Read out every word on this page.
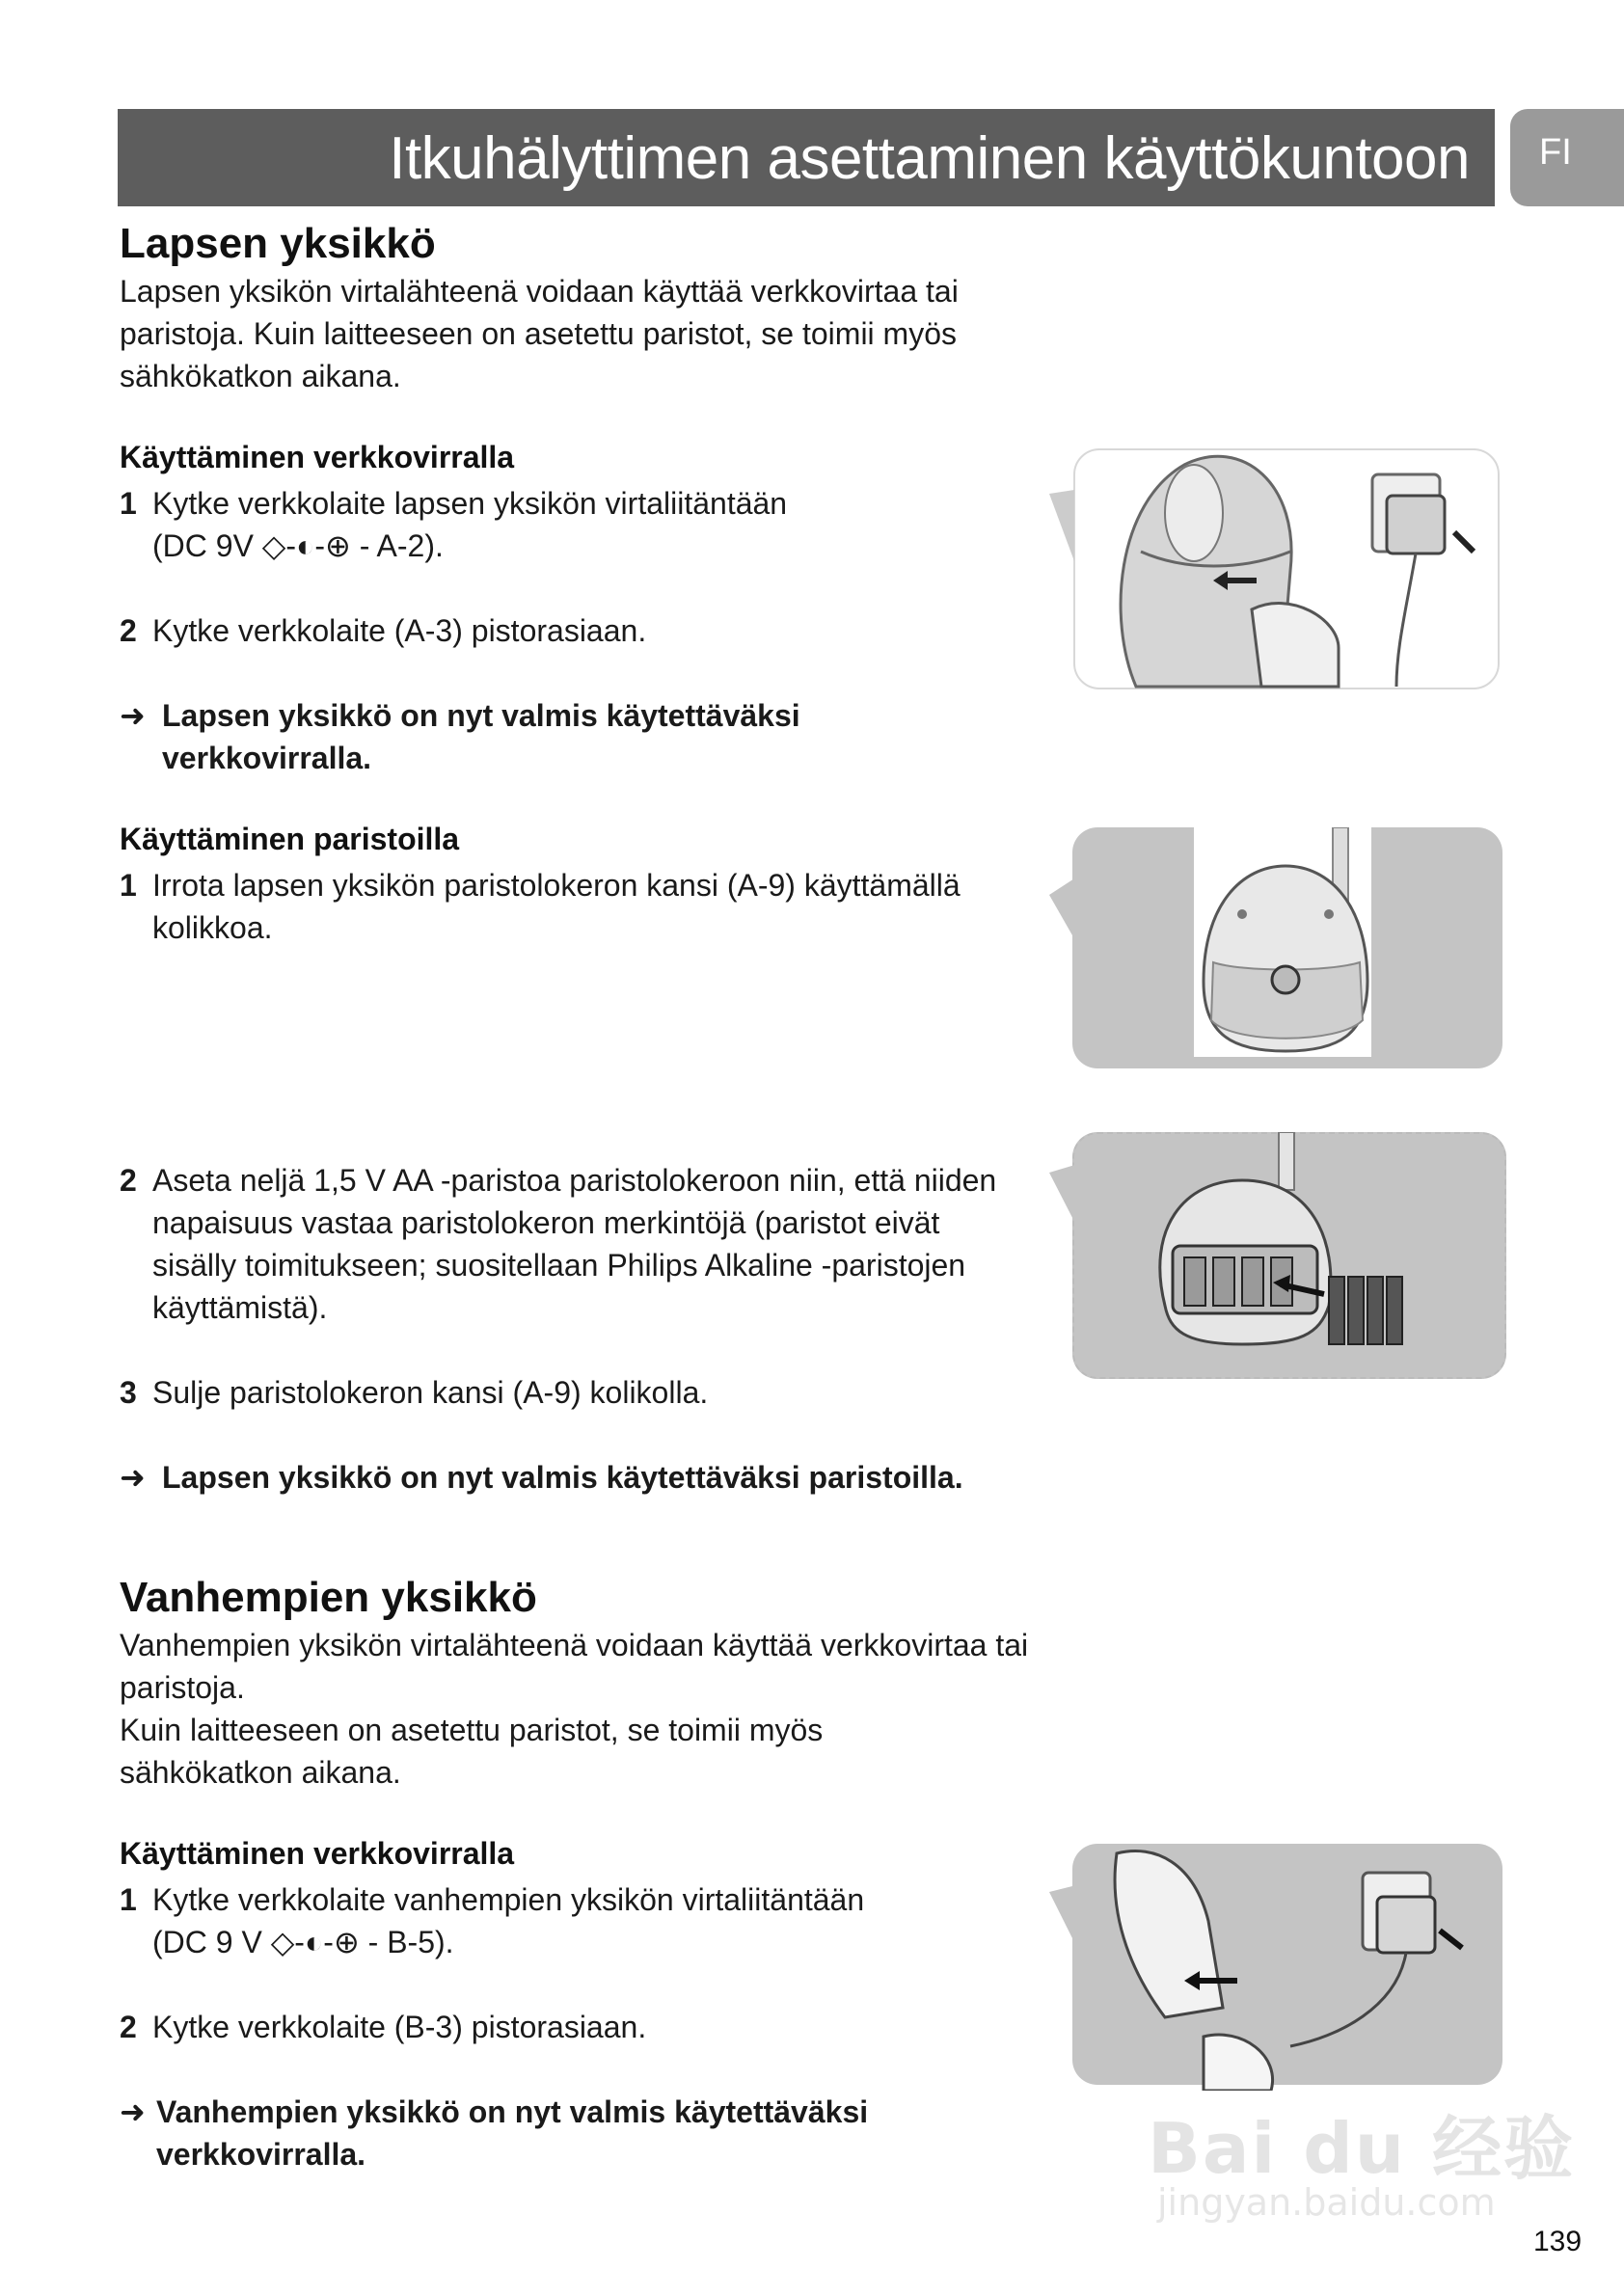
Itkuhälyttimen asettaminen käyttökuntoon FI
Lapsen yksikkö
Lapsen yksikön virtalähteenä voidaan käyttää verkkovirtaa tai paristoja. Kuin laitteeseen on asetettu paristot, se toimii myös sähkökatkon aikana.
Käyttäminen verkkovirralla
1 Kytke verkkolaite lapsen yksikön virtaliitäntään
(DC 9V ◇-◐-⊕ - A-2).
2 Kytke verkkolaite (A-3) pistorasiaan.
➜ Lapsen yksikkö on nyt valmis käytettäväksi verkkovirralla.
Käyttäminen paristoilla
1 Irrota lapsen yksikön paristolokeron kansi (A-9) käyttämällä kolikkoa.
2 Aseta neljä 1,5 V AA -paristoa paristolokeroon niin, että niiden napaisuus vastaa paristolokeron merkintöjä (paristot eivät sisälly toimitukseen; suositellaan Philips Alkaline -paristojen käyttämistä).
3 Sulje paristolokeron kansi (A-9) kolikolla.
➜ Lapsen yksikkö on nyt valmis käytettäväksi paristoilla.
Vanhempien yksikkö
Vanhempien yksikön virtalähteenä voidaan käyttää verkkovirtaa tai paristoja.
Kuin laitteeseen on asetettu paristot, se toimii myös sähkökatkon aikana.
Käyttäminen verkkovirralla
1 Kytke verkkolaite vanhempien yksikön virtaliitäntään
(DC 9 V ◇-◐-⊕ - B-5).
2 Kytke verkkolaite (B-3) pistorasiaan.
➜ Vanhempien yksikkö on nyt valmis käytettäväksi verkkovirralla.	Bai du 经验
jingyan.baidu.com
139
